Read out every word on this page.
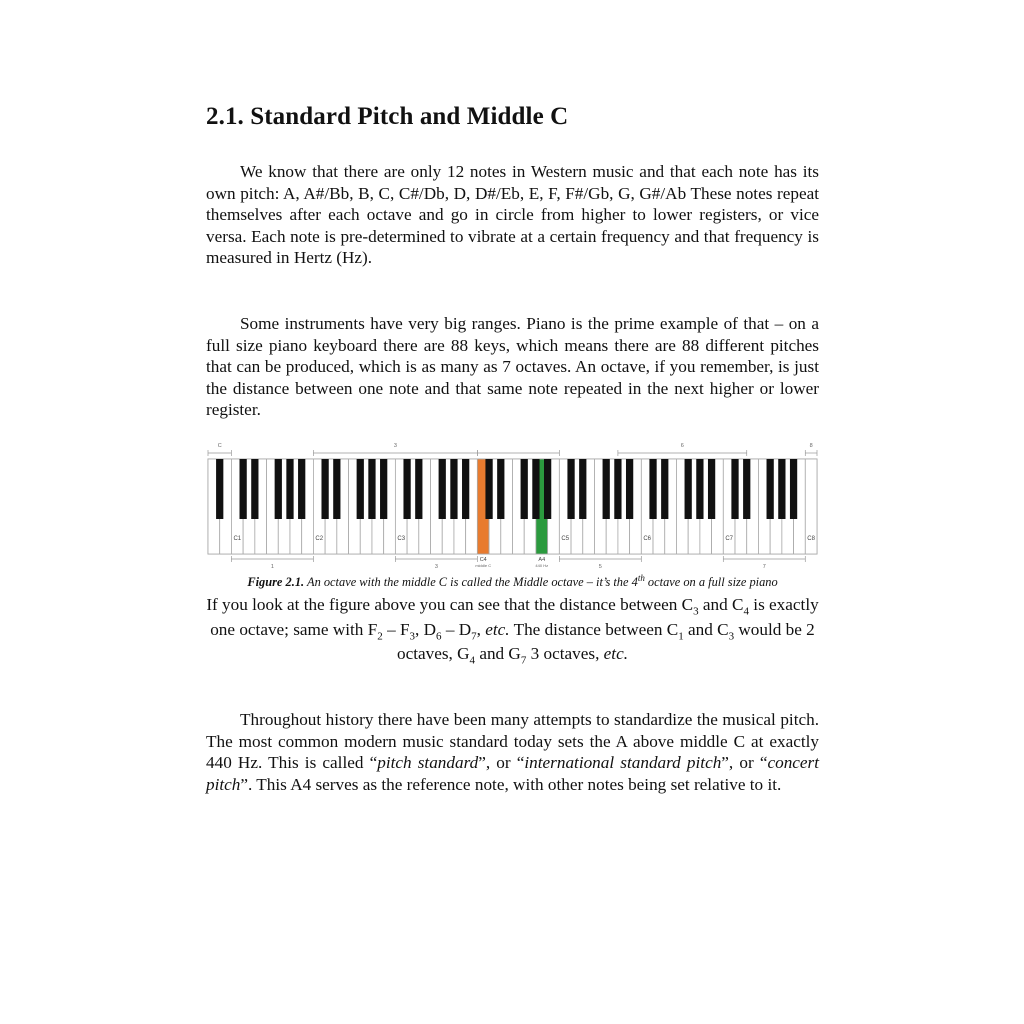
2.1. Standard Pitch and Middle C

We know that there are only 12 notes in Western music and that each note has its own pitch: A, A#/Bb, B, C, C#/Db, D, D#/Eb, E, F, F#/Gb, G, G#/Ab These notes repeat themselves after each octave and go in circle from higher to lower registers, or vice versa. Each note is pre-determined to vibrate at a certain frequency and that frequency is measured in Hertz (Hz).

Some instruments have very big ranges. Piano is the prime example of that – on a full size piano keyboard there are 88 keys, which means there are 88 different pitches that can be produced, which is as many as 7 octaves. An octave, if you remember, is just the distance between one note and that same note repeated in the next higher or lower register.

C	3	6	8
C1	C2	C3	C5	C6	C7	C8
C4
middle C
A4
440 Hz
1	3	5	7

Figure 2.1. An octave with the middle C is called the Middle octave – it’s the 4th octave on a full size piano

If you look at the figure above you can see that the distance between $C_3$ and $C_4$ is exactly one octave; same with $F_2 - F_3$, $D_6 - D_7$, etc. The distance between $C_1$ and $C_3$ would be 2 octaves, $G_4$ and $G_7$ 3 octaves, etc.

Throughout history there have been many attempts to standardize the musical pitch. The most common modern music standard today sets the A above middle C at exactly 440 Hz. This is called “pitch standard”, or “international standard pitch”, or “concert pitch”. This A4 serves as the reference note, with other notes being set relative to it.
